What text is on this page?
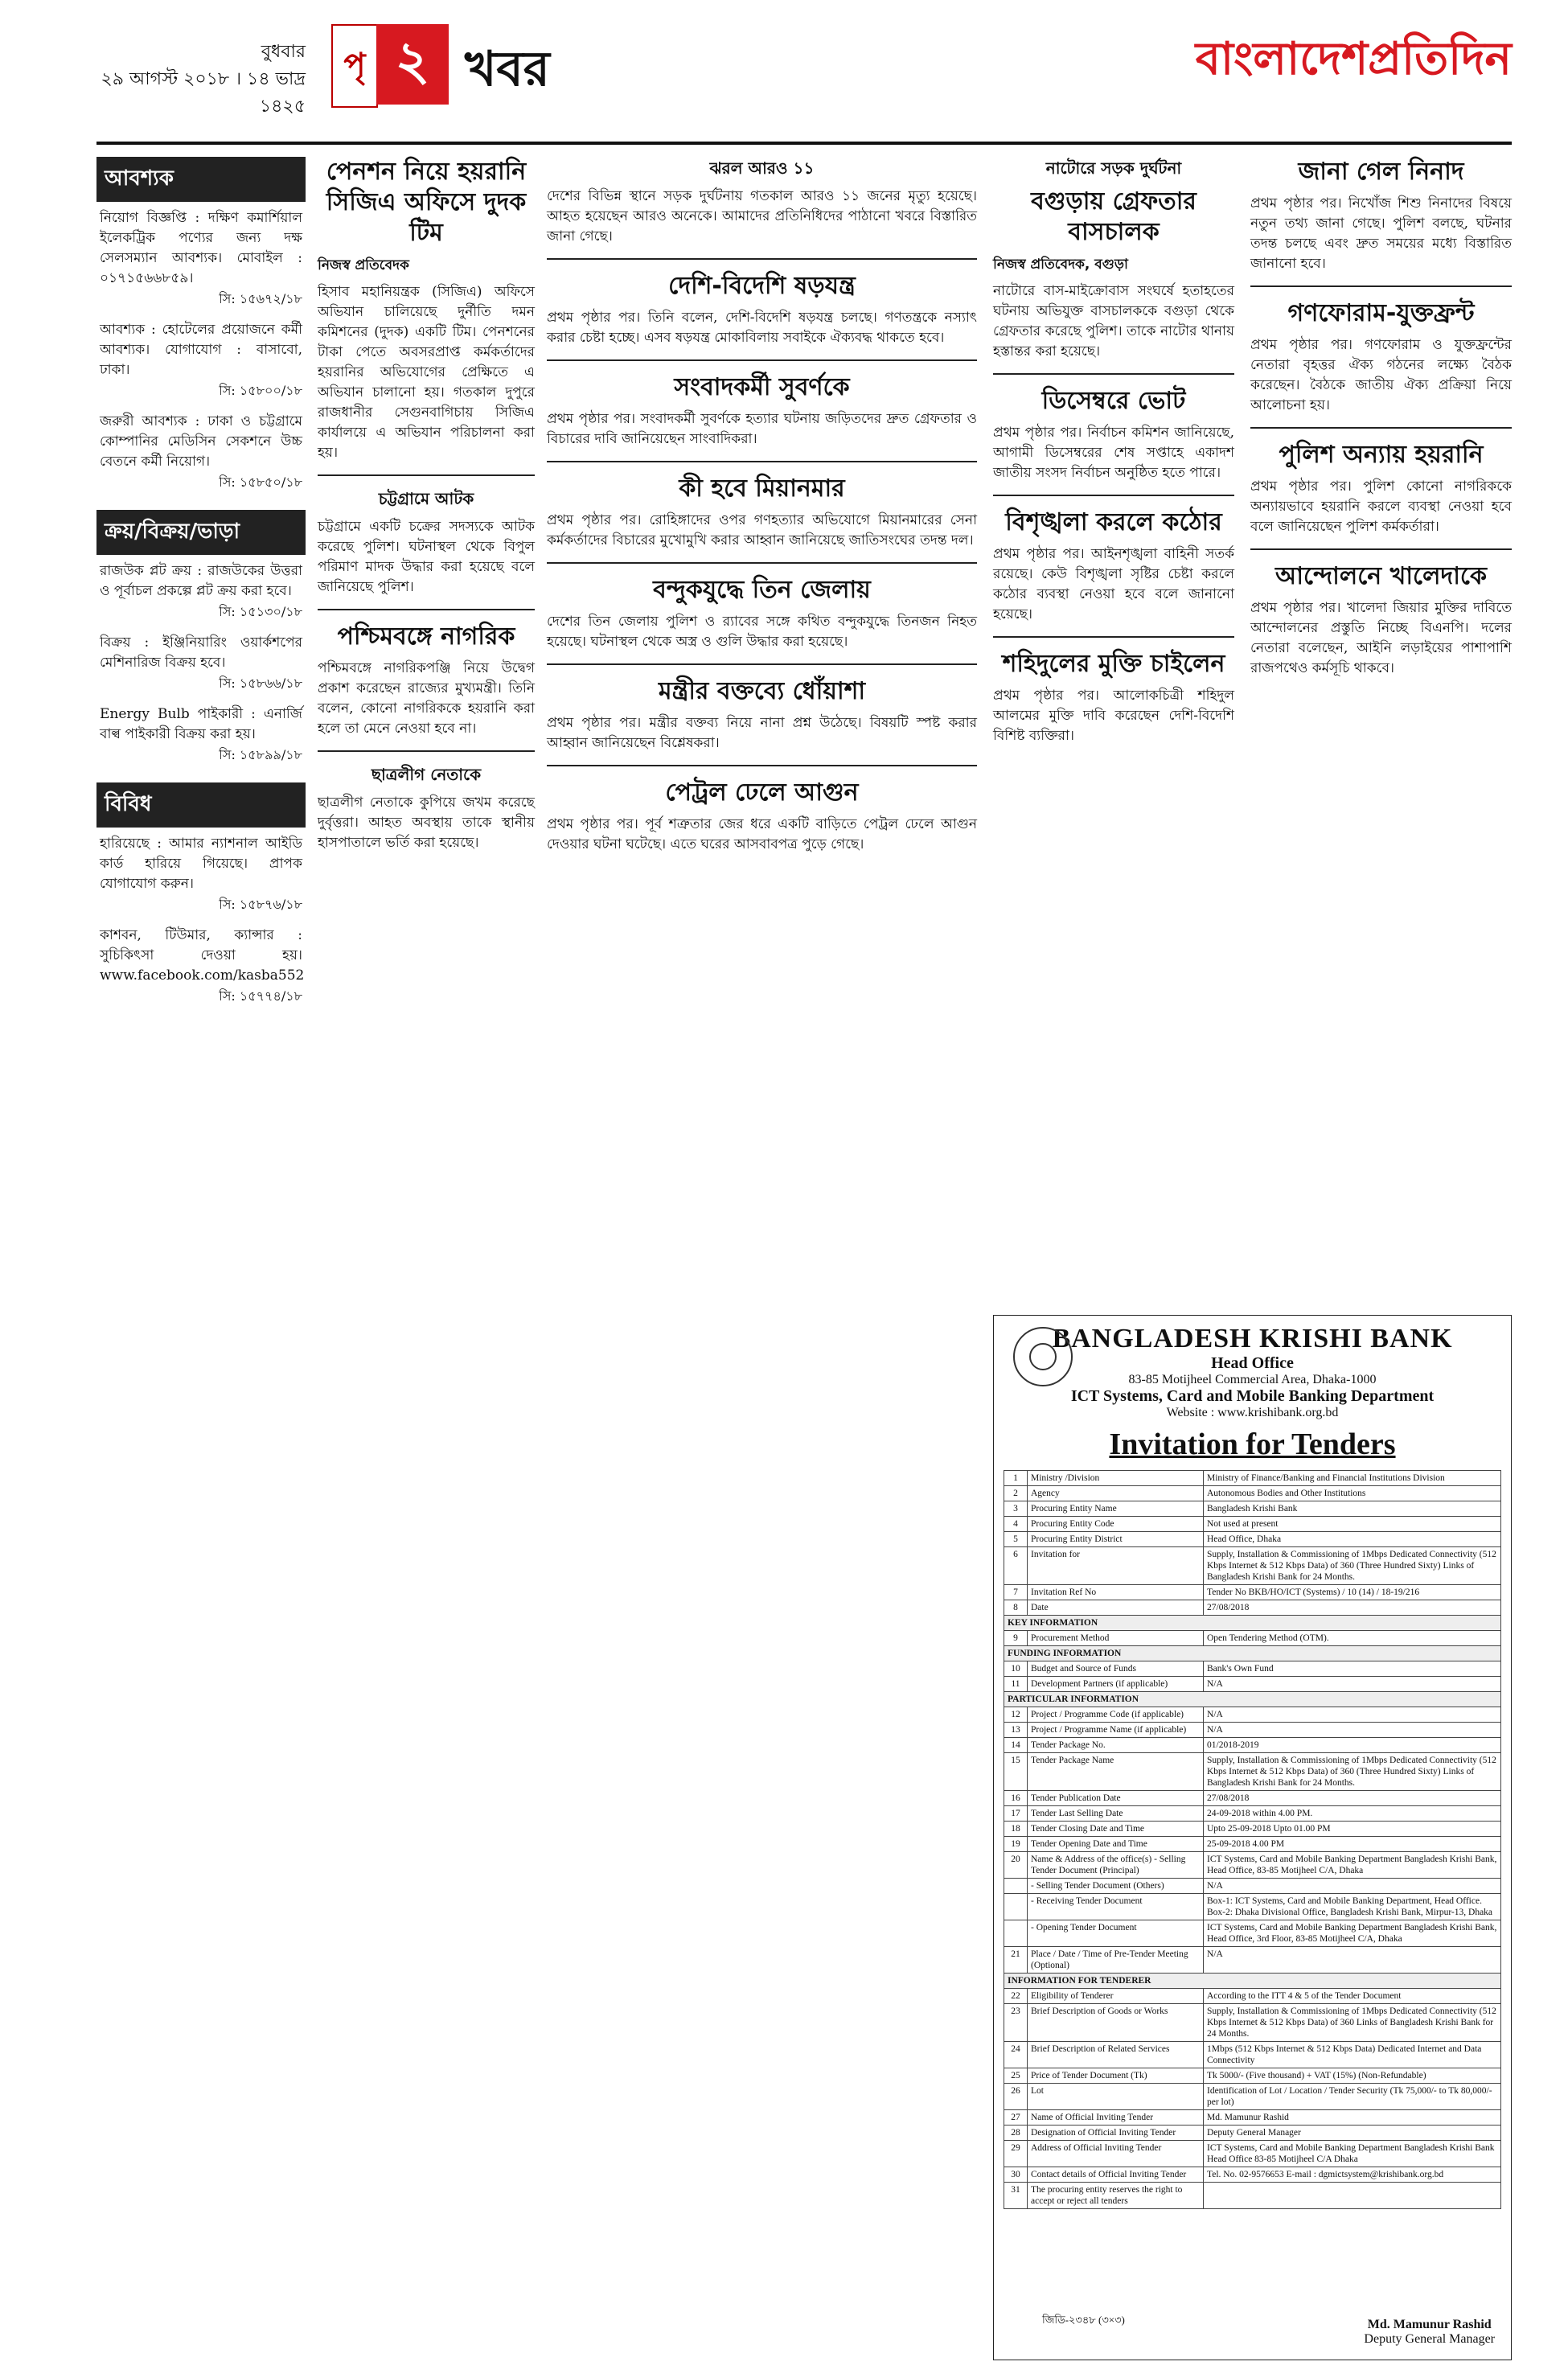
বুধবার
২৯ আগস্ট ২০১৮ । ১৪ ভাদ্র ১৪২৫
পৃ ২ খবর	বাংলাদেশপ্রতিদিন
আবশ্যক

নিয়োগ বিজ্ঞপ্তি : দক্ষিণ কমার্শিয়াল ইলেকট্রিক পণ্যের জন্য দক্ষ সেলসম্যান আবশ্যক। মোবাইল : ০১৭১৫৬৬৮৫৯।
সি: ১৫৬৭২/১৮

আবশ্যক : হোটেলের প্রয়োজনে কর্মী আবশ্যক। যোগাযোগ : বাসাবো, ঢাকা।
সি: ১৫৮০০/১৮

জরুরী আবশ্যক : ঢাকা ও চট্টগ্রামে কোম্পানির মেডিসিন সেকশনে উচ্চ বেতনে কর্মী নিয়োগ।
সি: ১৫৮৫০/১৮

ক্রয়/বিক্রয়/ভাড়া

রাজউক প্লট ক্রয় : রাজউকের উত্তরা ও পূর্বাচল প্রকল্পে প্লট ক্রয় করা হবে।
সি: ১৫১৩০/১৮

বিক্রয় : ইঞ্জিনিয়ারিং ওয়ার্কশপের মেশিনারিজ বিক্রয় হবে।
সি: ১৫৮৬৬/১৮

Energy Bulb পাইকারী : এনার্জি বাল্ব পাইকারী বিক্রয় করা হয়।
সি: ১৫৮৯৯/১৮

বিবিধ

হারিয়েছে : আমার ন্যাশনাল আইডি কার্ড হারিয়ে গিয়েছে। প্রাপক যোগাযোগ করুন।
সি: ১৫৮৭৬/১৮

কাশবন, টিউমার, ক্যান্সার : সুচিকিৎসা দেওয়া হয়। www.facebook.com/kasba552
সি: ১৫৭৭৪/১৮

পেনশন নিয়ে হয়রানি সিজিএ অফিসে দুদক টিম
নিজস্ব প্রতিবেদক

হিসাব মহানিয়ন্ত্রক (সিজিএ) অফিসে অভিযান চালিয়েছে দুর্নীতি দমন কমিশনের (দুদক) একটি টিম। পেনশনের টাকা পেতে অবসরপ্রাপ্ত কর্মকর্তাদের হয়রানির অভিযোগের প্রেক্ষিতে এ অভিযান চালানো হয়। গতকাল দুপুরে রাজধানীর সেগুনবাগিচায় সিজিএ কার্যালয়ে এ অভিযান পরিচালনা করা হয়।

চট্টগ্রামে আটক

চট্টগ্রামে একটি চক্রের সদস্যকে আটক করেছে পুলিশ। ঘটনাস্থল থেকে বিপুল পরিমাণ মাদক উদ্ধার করা হয়েছে বলে জানিয়েছে পুলিশ।

পশ্চিমবঙ্গে নাগরিক

পশ্চিমবঙ্গে নাগরিকপঞ্জি নিয়ে উদ্বেগ প্রকাশ করেছেন রাজ্যের মুখ্যমন্ত্রী। তিনি বলেন, কোনো নাগরিককে হয়রানি করা হলে তা মেনে নেওয়া হবে না।

ছাত্রলীগ নেতাকে

ছাত্রলীগ নেতাকে কুপিয়ে জখম করেছে দুর্বৃত্তরা। আহত অবস্থায় তাকে স্থানীয় হাসপাতালে ভর্তি করা হয়েছে।

ঝরল আরও ১১

দেশের বিভিন্ন স্থানে সড়ক দুর্ঘটনায় গতকাল আরও ১১ জনের মৃত্যু হয়েছে। আহত হয়েছেন আরও অনেকে। আমাদের প্রতিনিধিদের পাঠানো খবরে বিস্তারিত জানা গেছে।

দেশি-বিদেশি ষড়যন্ত্র

প্রথম পৃষ্ঠার পর। তিনি বলেন, দেশি-বিদেশি ষড়যন্ত্র চলছে। গণতন্ত্রকে নস্যাৎ করার চেষ্টা হচ্ছে। এসব ষড়যন্ত্র মোকাবিলায় সবাইকে ঐক্যবদ্ধ থাকতে হবে।

সংবাদকর্মী সুবর্ণকে

প্রথম পৃষ্ঠার পর। সংবাদকর্মী সুবর্ণকে হত্যার ঘটনায় জড়িতদের দ্রুত গ্রেফতার ও বিচারের দাবি জানিয়েছেন সাংবাদিকরা।

কী হবে মিয়ানমার

প্রথম পৃষ্ঠার পর। রোহিঙ্গাদের ওপর গণহত্যার অভিযোগে মিয়ানমারের সেনা কর্মকর্তাদের বিচারের মুখোমুখি করার আহ্বান জানিয়েছে জাতিসংঘের তদন্ত দল।

বন্দুকযুদ্ধে তিন জেলায়

দেশের তিন জেলায় পুলিশ ও র‌্যাবের সঙ্গে কথিত বন্দুকযুদ্ধে তিনজন নিহত হয়েছে। ঘটনাস্থল থেকে অস্ত্র ও গুলি উদ্ধার করা হয়েছে।

মন্ত্রীর বক্তব্যে ধোঁয়াশা

প্রথম পৃষ্ঠার পর। মন্ত্রীর বক্তব্য নিয়ে নানা প্রশ্ন উঠেছে। বিষয়টি স্পষ্ট করার আহ্বান জানিয়েছেন বিশ্লেষকরা।

পেট্রল ঢেলে আগুন

প্রথম পৃষ্ঠার পর। পূর্ব শত্রুতার জের ধরে একটি বাড়িতে পেট্রল ঢেলে আগুন দেওয়ার ঘটনা ঘটেছে। এতে ঘরের আসবাবপত্র পুড়ে গেছে।

নাটোরে সড়ক দুর্ঘটনা
বগুড়ায় গ্রেফতার বাসচালক
নিজস্ব প্রতিবেদক, বগুড়া

নাটোরে বাস-মাইক্রোবাস সংঘর্ষে হতাহতের ঘটনায় অভিযুক্ত বাসচালককে বগুড়া থেকে গ্রেফতার করেছে পুলিশ। তাকে নাটোর থানায় হস্তান্তর করা হয়েছে।

ডিসেম্বরে ভোট

প্রথম পৃষ্ঠার পর। নির্বাচন কমিশন জানিয়েছে, আগামী ডিসেম্বরের শেষ সপ্তাহে একাদশ জাতীয় সংসদ নির্বাচন অনুষ্ঠিত হতে পারে।

বিশৃঙ্খলা করলে কঠোর

প্রথম পৃষ্ঠার পর। আইনশৃঙ্খলা বাহিনী সতর্ক রয়েছে। কেউ বিশৃঙ্খলা সৃষ্টির চেষ্টা করলে কঠোর ব্যবস্থা নেওয়া হবে বলে জানানো হয়েছে।

শহিদুলের মুক্তি চাইলেন

প্রথম পৃষ্ঠার পর। আলোকচিত্রী শহিদুল আলমের মুক্তি দাবি করেছেন দেশি-বিদেশি বিশিষ্ট ব্যক্তিরা।

জানা গেল নিনাদ

প্রথম পৃষ্ঠার পর। নিখোঁজ শিশু নিনাদের বিষয়ে নতুন তথ্য জানা গেছে। পুলিশ বলছে, ঘটনার তদন্ত চলছে এবং দ্রুত সময়ের মধ্যে বিস্তারিত জানানো হবে।

গণফোরাম-যুক্তফ্রন্ট

প্রথম পৃষ্ঠার পর। গণফোরাম ও যুক্তফ্রন্টের নেতারা বৃহত্তর ঐক্য গঠনের লক্ষ্যে বৈঠক করেছেন। বৈঠকে জাতীয় ঐক্য প্রক্রিয়া নিয়ে আলোচনা হয়।

পুলিশ অন্যায় হয়রানি

প্রথম পৃষ্ঠার পর। পুলিশ কোনো নাগরিককে অন্যায়ভাবে হয়রানি করলে ব্যবস্থা নেওয়া হবে বলে জানিয়েছেন পুলিশ কর্মকর্তারা।

আন্দোলনে খালেদাকে

প্রথম পৃষ্ঠার পর। খালেদা জিয়ার মুক্তির দাবিতে আন্দোলনের প্রস্তুতি নিচ্ছে বিএনপি। দলের নেতারা বলেছেন, আইনি লড়াইয়ের পাশাপাশি রাজপথেও কর্মসূচি থাকবে।

BANGLADESH KRISHI BANK
Head Office
83-85 Motijheel Commercial Area, Dhaka-1000
ICT Systems, Card and Mobile Banking Department
Website : www.krishibank.org.bd
Invitation for Tenders
1	Ministry /Division	Ministry of Finance/Banking and Financial Institutions Division
2	Agency	Autonomous Bodies and Other Institutions
3	Procuring Entity Name	Bangladesh Krishi Bank
4	Procuring Entity Code	Not used at present
5	Procuring Entity District	Head Office, Dhaka
6	Invitation for	Supply, Installation & Commissioning of 1Mbps Dedicated Connectivity (512 Kbps Internet & 512 Kbps Data) of 360 (Three Hundred Sixty) Links of Bangladesh Krishi Bank for 24 Months.
7	Invitation Ref No	Tender No BKB/HO/ICT (Systems) / 10 (14) / 18-19/216
8	Date	27/08/2018
KEY INFORMATION		
9	Procurement Method	Open Tendering Method (OTM).
FUNDING INFORMATION		
10	Budget and Source of Funds	Bank's Own Fund
11	Development Partners (if applicable)	N/A
PARTICULAR INFORMATION		
12	Project / Programme Code (if applicable)	N/A
13	Project / Programme Name (if applicable)	N/A
14	Tender Package No.	01/2018-2019
15	Tender Package Name	Supply, Installation & Commissioning of 1Mbps Dedicated Connectivity (512 Kbps Internet & 512 Kbps Data) of 360 (Three Hundred Sixty) Links of Bangladesh Krishi Bank for 24 Months.
16	Tender Publication Date	27/08/2018
17	Tender Last Selling Date	24-09-2018 within 4.00 PM.
18	Tender Closing Date and Time	Upto 25-09-2018 Upto 01.00 PM
19	Tender Opening Date and Time	25-09-2018 4.00 PM
20	Name & Address of the office(s) - Selling Tender Document (Principal)	ICT Systems, Card and Mobile Banking Department Bangladesh Krishi Bank, Head Office, 83-85 Motijheel C/A, Dhaka
	- Selling Tender Document (Others)	N/A
	- Receiving Tender Document	Box-1: ICT Systems, Card and Mobile Banking Department, Head Office. Box-2: Dhaka Divisional Office, Bangladesh Krishi Bank, Mirpur-13, Dhaka
	- Opening Tender Document	ICT Systems, Card and Mobile Banking Department Bangladesh Krishi Bank, Head Office, 3rd Floor, 83-85 Motijheel C/A, Dhaka
21	Place / Date / Time of Pre-Tender Meeting (Optional)	N/A
INFORMATION FOR TENDERER		
22	Eligibility of Tenderer	According to the ITT 4 & 5 of the Tender Document
23	Brief Description of Goods or Works	Supply, Installation & Commissioning of 1Mbps Dedicated Connectivity (512 Kbps Internet & 512 Kbps Data) of 360 Links of Bangladesh Krishi Bank for 24 Months.
24	Brief Description of Related Services	1Mbps (512 Kbps Internet & 512 Kbps Data) Dedicated Internet and Data Connectivity
25	Price of Tender Document (Tk)	Tk 5000/- (Five thousand) + VAT (15%) (Non-Refundable)
26	Lot	Identification of Lot / Location / Tender Security (Tk 75,000/- to Tk 80,000/- per lot)
27	Name of Official Inviting Tender	Md. Mamunur Rashid
28	Designation of Official Inviting Tender	Deputy General Manager
29	Address of Official Inviting Tender	ICT Systems, Card and Mobile Banking Department Bangladesh Krishi Bank Head Office 83-85 Motijheel C/A Dhaka
30	Contact details of Official Inviting Tender	Tel. No. 02-9576653 E-mail : dgmictsystem@krishibank.org.bd
31	The procuring entity reserves the right to accept or reject all tenders	
জিডি-২৩৪৮ (৩×৩)	Md. Mamunur Rashid
Deputy General Manager
